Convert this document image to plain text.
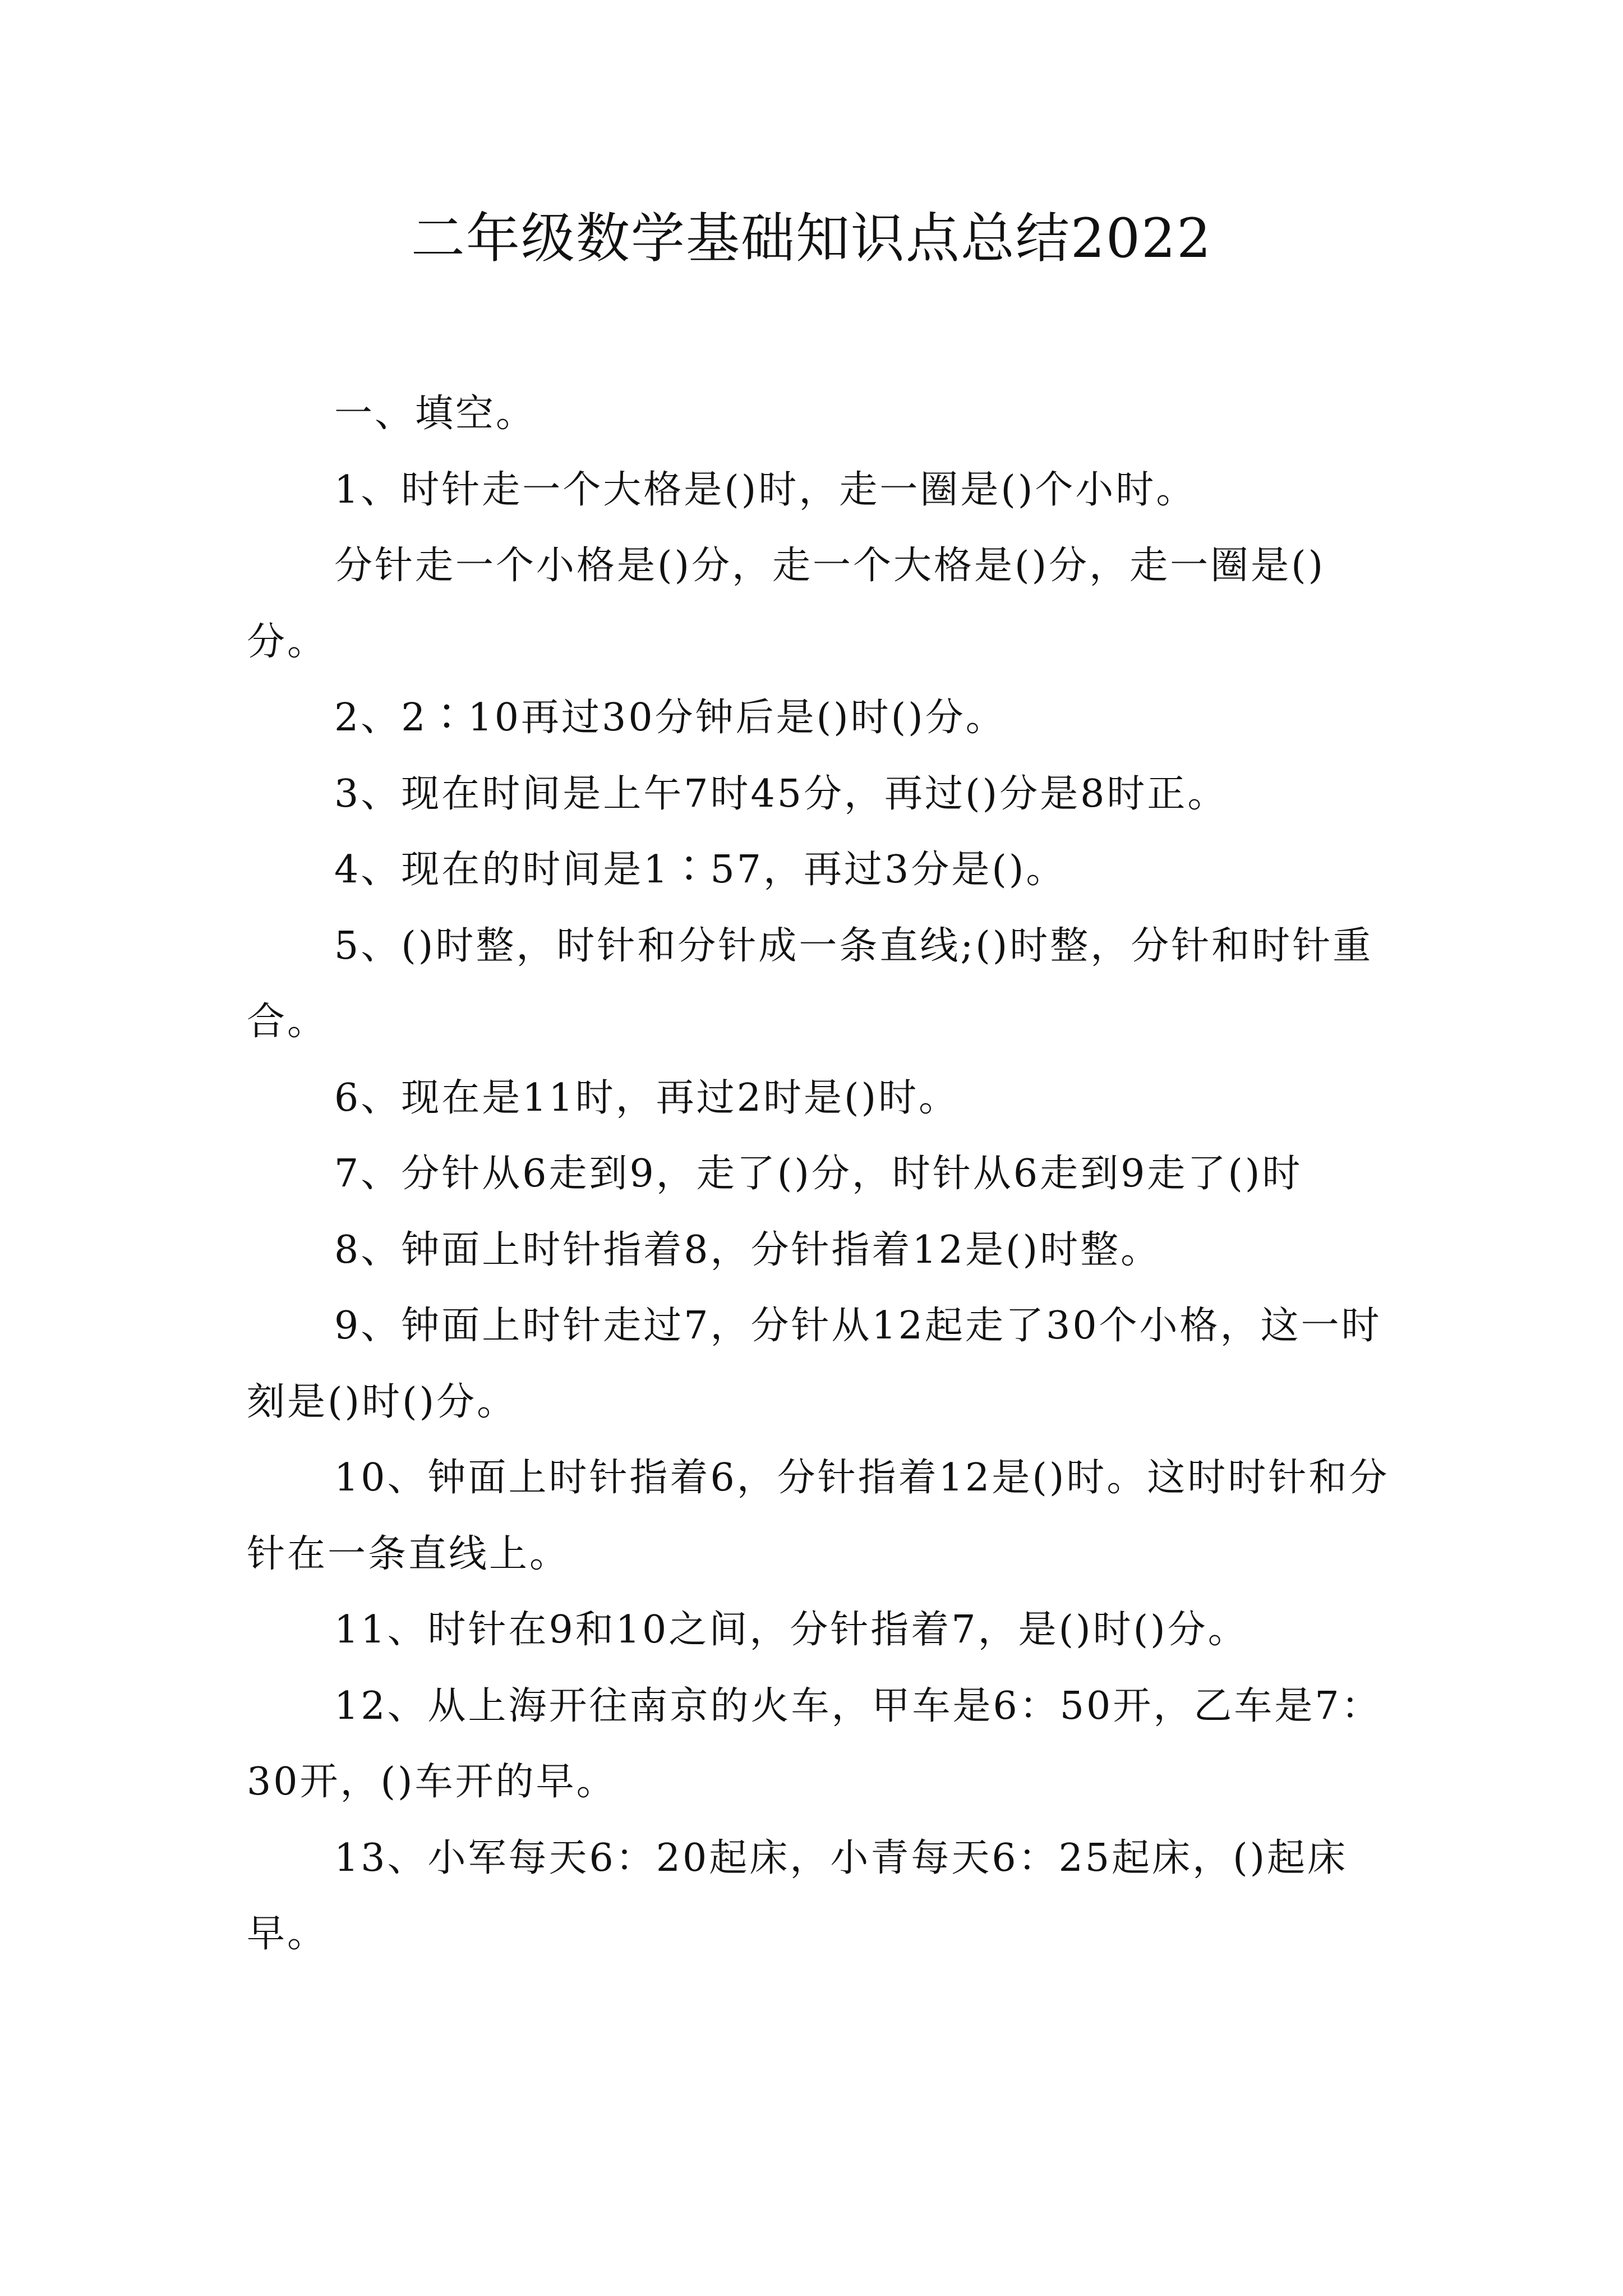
二年级数学基础知识点总结2022

一、填空。

1、时针走一个大格是()时，走一圈是()个小时。

分针走一个小格是()分，走一个大格是()分，走一圈是()分。

2、2∶10再过30分钟后是()时()分。

3、现在时间是上午7时45分，再过()分是8时正。

4、现在的时间是1∶57，再过3分是()。

5、()时整，时针和分针成一条直线;()时整，分针和时针重合。

6、现在是11时，再过2时是()时。

7、分针从6走到9，走了()分，时针从6走到9走了()时

8、钟面上时针指着8，分针指着12是()时整。

9、钟面上时针走过7，分针从12起走了30个小格，这一时刻是()时()分。

10、钟面上时针指着6，分针指着12是()时。这时时针和分针在一条直线上。

11、时针在9和10之间，分针指着7，是()时()分。

12、从上海开往南京的火车，甲车是6：50开，乙车是7：30开，()车开的早。

13、小军每天6：20起床，小青每天6：25起床，()起床早。
